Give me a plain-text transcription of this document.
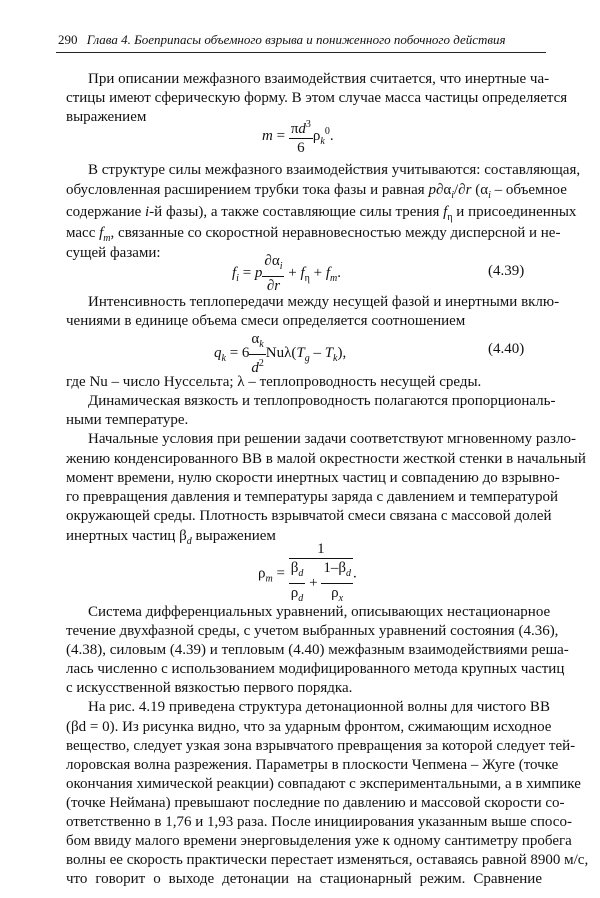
290 Глава 4. Боеприпасы объемного взрыва и пониженного побочного действия
При описании межфазного взаимодействия считается, что инертные ча-
стицы имеют сферическую форму. В этом случае масса частицы определяется
выражением
$m = \frac{\pi d^3}{6} \rho_k^0$.
В структуре силы межфазного взаимодействия учитываются: составляющая,
обусловленная расширением трубки тока фазы и равная $p\partial\alpha_i/\partial r$ ($\alpha_i$ – объемное
содержание i-й фазы), а также составляющие силы трения $f_\eta$ и присоединенных
масс $f_m$, связанные со скоростной неравновесностью между дисперсной и не-
сущей фазами:
$f_i = p \frac{\partial\alpha_i}{\partial r} + f_\eta + f_m$.	(4.39)
Интенсивность теплопередачи между несущей фазой и инертными вклю-
чениями в единице объема смеси определяется соотношением
$q_k = 6 \frac{\alpha_k}{d^2} Nu\lambda(T_g - T_k)$,	(4.40)
где Nu – число Нуссельта; λ – теплопроводность несущей среды.
Динамическая вязкость и теплопроводность полагаются пропорциональ-
ными температуре.
Начальные условия при решении задачи соответствуют мгновенному разло-
жению конденсированного ВВ в малой окрестности жесткой стенки в начальный
момент времени, нулю скорости инертных частиц и совпадению до взрывно-
го превращения давления и температуры заряда с давлением и температурой
окружающей среды. Плотность взрывчатой смеси связана с массовой долей
инертных частиц $\beta_d$ выражением
$\rho_m = \frac{1}{\frac{\beta_d}{\rho_d} + \frac{1-\beta_d}{\rho_x}}$ .
Система дифференциальных уравнений, описывающих нестационарное
течение двухфазной среды, с учетом выбранных уравнений состояния (4.36),
(4.38), силовым (4.39) и тепловым (4.40) межфазным взаимодействиями реша-
лась численно с использованием модифицированного метода крупных частиц
с искусственной вязкостью первого порядка.
На рис. 4.19 приведена структура детонационной волны для чистого ВВ
(βd = 0). Из рисунка видно, что за ударным фронтом, сжимающим исходное
вещество, следует узкая зона взрывчатого превращения за которой следует тей-
лоровская волна разрежения. Параметры в плоскости Чепмена – Жуге (точке
окончания химической реакции) совпадают с экспериментальными, а в химпике
(точке Неймана) превышают последние по давлению и массовой скорости со-
ответственно в 1,76 и 1,93 раза. После инициирования указанным выше спосо-
бом ввиду малого времени энерговыделения уже к одному сантиметру пробега
волны ее скорость практически перестает изменяться, оставаясь равной 8900 м/с,
что говорит о выходе детонации на стационарный режим. Сравнение
